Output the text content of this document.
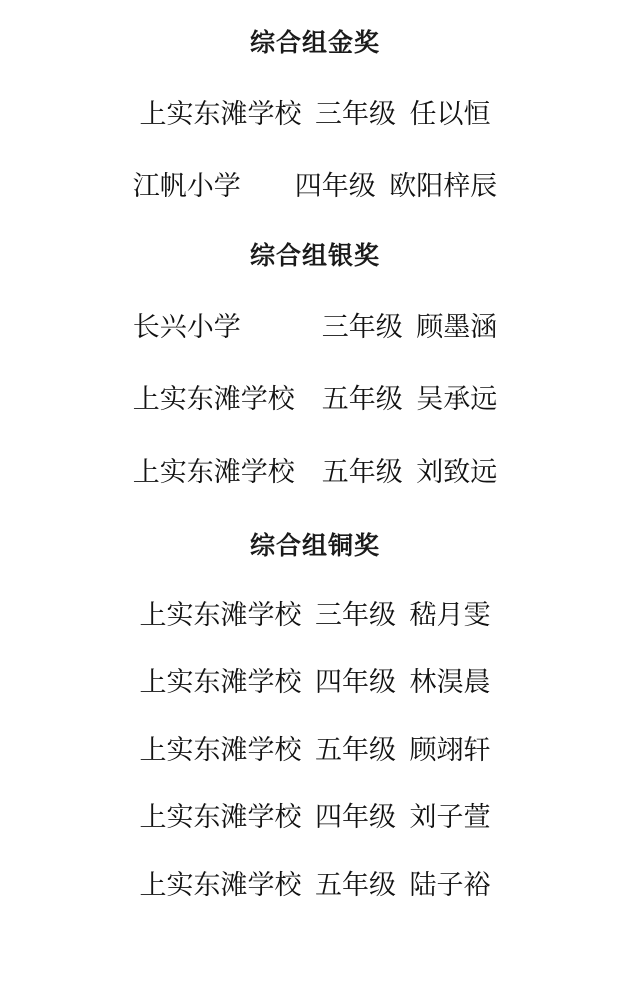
综合组金奖
上实东滩学校  三年级  任以恒
江帆小学　　四年级  欧阳梓辰
综合组银奖
长兴小学　　　三年级  顾墨涵
上实东滩学校　五年级  吴承远
上实东滩学校　五年级  刘致远
综合组铜奖
上实东滩学校  三年级  嵇月雯
上实东滩学校  四年级  林淏晨
上实东滩学校  五年级  顾翊轩
上实东滩学校  四年级  刘子萱
上实东滩学校  五年级  陆子裕
